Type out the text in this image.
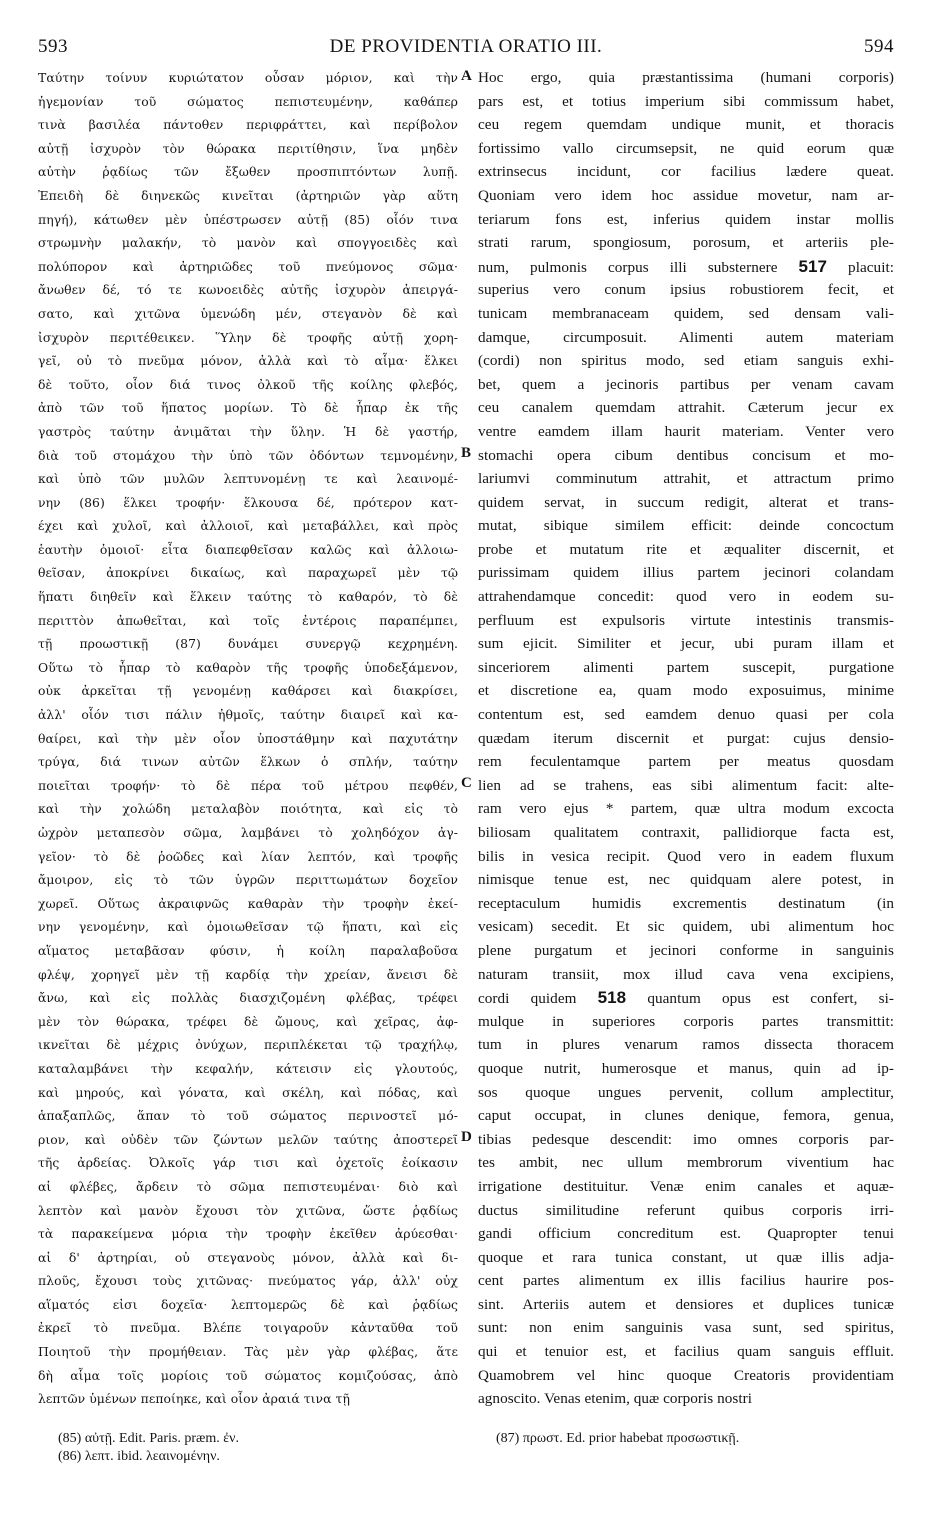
593	DE PROVIDENTIA ORATIO III.	594
Ταύτην τοίνυν κυριώτατον οὖσαν μόριον, καὶ τὴν
ἡγεμονίαν τοῦ σώματος πεπιστευμένην, καθάπερ
τινὰ βασιλέα πάντοθεν περιφράττει, καὶ περίβολον
αὐτῇ ἰσχυρὸν τὸν θώρακα περιτίθησιν, ἵνα μηδὲν
αὐτὴν ῥᾳδίως τῶν ἔξωθεν προσπιπτόντων λυπῇ.
Ἐπειδὴ δὲ διηνεκῶς κινεῖται (ἀρτηριῶν γὰρ αὕτη
πηγή), κάτωθεν μὲν ὑπέστρωσεν αὐτῇ (85) οἷόν τινα
στρωμνὴν μαλακήν, τὸ μανὸν καὶ σπογγοειδὲς καὶ
πολύπορον καὶ ἀρτηριῶδες τοῦ πνεύμονος σῶμα·
ἄνωθεν δέ, τό τε κωνοειδὲς αὐτῆς ἰσχυρὸν ἀπειργά-
σατο, καὶ χιτῶνα ὑμενώδη μέν, στεγανὸν δὲ καὶ
ἰσχυρὸν περιτέθεικεν. Ὕλην δὲ τροφῆς αὐτῇ χορη-
γεῖ, οὐ τὸ πνεῦμα μόνον, ἀλλὰ καὶ τὸ αἷμα· ἕλκει
δὲ τοῦτο, οἷον διά τινος ὀλκοῦ τῆς κοίλης φλεβός,
ἀπὸ τῶν τοῦ ἥπατος μορίων. Τὸ δὲ ἧπαρ ἐκ τῆς
γαστρὸς ταύτην ἀνιμᾶται τὴν ὕλην. Ἡ δὲ γαστήρ,
διὰ τοῦ στομάχου τὴν ὑπὸ τῶν ὀδόντων τεμνομένην,
καὶ ὑπὸ τῶν μυλῶν λεπτυνομένῃ τε καὶ λεαινομέ-
νην (86) ἕλκει τροφήν· ἕλκουσα δέ, πρότερον κατ-
έχει καὶ χυλοῖ, καὶ ἀλλοιοῖ, καὶ μεταβάλλει, καὶ πρὸς
ἑαυτὴν ὁμοιοῖ· εἶτα διαπεφθεῖσαν καλῶς καὶ ἀλλοιω-
θεῖσαν, ἀποκρίνει δικαίως, καὶ παραχωρεῖ μὲν τῷ
ἥπατι διηθεῖν καὶ ἕλκειν ταύτης τὸ καθαρόν, τὸ δὲ
περιττὸν ἀπωθεῖται, καὶ τοῖς ἐντέροις παραπέμπει,
τῇ προωστικῇ (87) δυνάμει συνεργῷ κεχρημένη.
Οὕτω τὸ ἧπαρ τὸ καθαρὸν τῆς τροφῆς ὑποδεξάμενον,
οὐκ ἀρκεῖται τῇ γενομένῃ καθάρσει καὶ διακρίσει,
ἀλλ' οἷόν τισι πάλιν ἠθμοῖς, ταύτην διαιρεῖ καὶ κα-
θαίρει, καὶ τὴν μὲν οἷον ὑποστάθμην καὶ παχυτάτην
τρύγα, διά τινων αὐτῶν ἕλκων ὁ σπλήν, ταύτην
ποιεῖται τροφήν· τὸ δὲ πέρα τοῦ μέτρου πεφθέν,
καὶ τὴν χολώδη μεταλαβὸν ποιότητα, καὶ εἰς τὸ
ὠχρὸν μεταπεσὸν σῶμα, λαμβάνει τὸ χοληδόχον ἀγ-
γεῖον· τὸ δὲ ῥοῶδες καὶ λίαν λεπτόν, καὶ τροφῆς
ἄμοιρον, εἰς τὸ τῶν ὑγρῶν περιττωμάτων δοχεῖον
χωρεῖ. Οὕτως ἀκραιφνῶς καθαρὰν τὴν τροφὴν ἐκεί-
νην γενομένην, καὶ ὁμοιωθεῖσαν τῷ ἥπατι, καὶ εἰς
αἵματος μεταβᾶσαν φύσιν, ἡ κοίλη παραλαβοῦσα
φλέψ, χορηγεῖ μὲν τῇ καρδίᾳ τὴν χρείαν, ἄνεισι δὲ
ἄνω, καὶ εἰς πολλὰς διασχιζομένη φλέβας, τρέφει
μὲν τὸν θώρακα, τρέφει δὲ ὤμους, καὶ χεῖρας, ἀφ-
ικνεῖται δὲ μέχρις ὀνύχων, περιπλέκεται τῷ τραχήλῳ,
καταλαμβάνει τὴν κεφαλήν, κάτεισιν εἰς γλουτούς,
καὶ μηρούς, καὶ γόνατα, καὶ σκέλη, καὶ πόδας, καὶ
ἁπαξαπλῶς, ἅπαν τὸ τοῦ σώματος περινοστεῖ μό-
ριον, καὶ οὐδὲν τῶν ζώντων μελῶν ταύτης ἀποστερεῖ
τῆς ἀρδείας. Ὀλκοῖς γάρ τισι καὶ ὀχετοῖς ἐοίκασιν
αἱ φλέβες, ἄρδειν τὸ σῶμα πεπιστευμέναι· διὸ καὶ
λεπτὸν καὶ μανὸν ἔχουσι τὸν χιτῶνα, ὥστε ῥᾳδίως
τὰ παρακείμενα μόρια τὴν τροφὴν ἐκεῖθεν ἀρύεσθαι·
αἱ δ' ἀρτηρίαι, οὐ στεγανοὺς μόνον, ἀλλὰ καὶ δι-
πλοῦς, ἔχουσι τοὺς χιτῶνας· πνεύματος γάρ, ἀλλ' οὐχ
αἵματός εἰσι δοχεῖα· λεπτομερῶς δὲ καὶ ῥᾳδίως
ἐκρεῖ τὸ πνεῦμα. Βλέπε τοιγαροῦν κἀνταῦθα τοῦ
Ποιητοῦ τὴν προμήθειαν. Τὰς μὲν γὰρ φλέβας, ἅτε
δὴ αἷμα τοῖς μορίοις τοῦ σώματος κομιζούσας, ἀπὸ
λεπτῶν ὑμένων πεποίηκε, καὶ οἷον ἀραιά τινα τῇ
A
B
C
D
Hoc ergo, quia præstantissima (humani corporis)
pars est, et totius imperium sibi commissum habet,
ceu regem quemdam undique munit, et thoracis
fortissimo vallo circumsepsit, ne quid eorum quæ
extrinsecus incidunt, cor facilius lædere queat.
Quoniam vero idem hoc assidue movetur, nam ar-
teriarum fons est, inferius quidem instar mollis
strati rarum, spongiosum, porosum, et arteriis ple-
num, pulmonis corpus illi substernere 517 placuit:
superius vero conum ipsius robustiorem fecit, et
tunicam membranaceam quidem, sed densam vali-
damque, circumposuit. Alimenti autem materiam
(cordi) non spiritus modo, sed etiam sanguis exhi-
bet, quem a jecinoris partibus per venam cavam
ceu canalem quemdam attrahit. Cæterum jecur ex
ventre eamdem illam haurit materiam. Venter vero
stomachi opera cibum dentibus concisum et mo-
lariumvi comminutum attrahit, et attractum primo
quidem servat, in succum redigit, alterat et trans-
mutat, sibique similem efficit: deinde concoctum
probe et mutatum rite et æqualiter discernit, et
purissimam quidem illius partem jecinori colandam
attrahendamque concedit: quod vero in eodem su-
perfluum est expulsoris virtute intestinis transmis-
sum ejicit. Similiter et jecur, ubi puram illam et
sinceriorem alimenti partem suscepit, purgatione
et discretione ea, quam modo exposuimus, minime
contentum est, sed eamdem denuo quasi per cola
quædam iterum discernit et purgat: cujus densio-
rem feculentamque partem per meatus quosdam
lien ad se trahens, eas sibi alimentum facit: alte-
ram vero ejus * partem, quæ ultra modum excocta
biliosam qualitatem contraxit, pallidiorque facta est,
bilis in vesica recipit. Quod vero in eadem fluxum
nimisque tenue est, nec quidquam alere potest, in
receptaculum humidis excrementis destinatum (in
vesicam) secedit. Et sic quidem, ubi alimentum hoc
plene purgatum et jecinori conforme in sanguinis
naturam transiit, mox illud cava vena excipiens,
cordi quidem 518 quantum opus est confert, si-
mulque in superiores corporis partes transmittit:
tum in plures venarum ramos dissecta thoracem
quoque nutrit, humerosque et manus, quin ad ip-
sos quoque ungues pervenit, collum amplectitur,
caput occupat, in clunes denique, femora, genua,
tibias pedesque descendit: imo omnes corporis par-
tes ambit, nec ullum membrorum viventium hac
irrigatione destituitur. Venæ enim canales et aquæ-
ductus similitudine referunt quibus corporis irri-
gandi officium concreditum est. Quapropter tenui
quoque et rara tunica constant, ut quæ illis adja-
cent partes alimentum ex illis facilius haurire pos-
sint. Arteriis autem et densiores et duplices tunicæ
sunt: non enim sanguinis vasa sunt, sed spiritus,
qui et tenuior est, et facilius quam sanguis effluit.
Quamobrem vel hinc quoque Creatoris providentiam
agnoscito. Venas etenim, quæ corporis nostri
(85) αὐτῇ. Edit. Paris. præm. ἐν.
(86) λεπτ. ibid. λεαινομένην.
(87) πρωστ. Ed. prior habebat προσωστικῇ.
